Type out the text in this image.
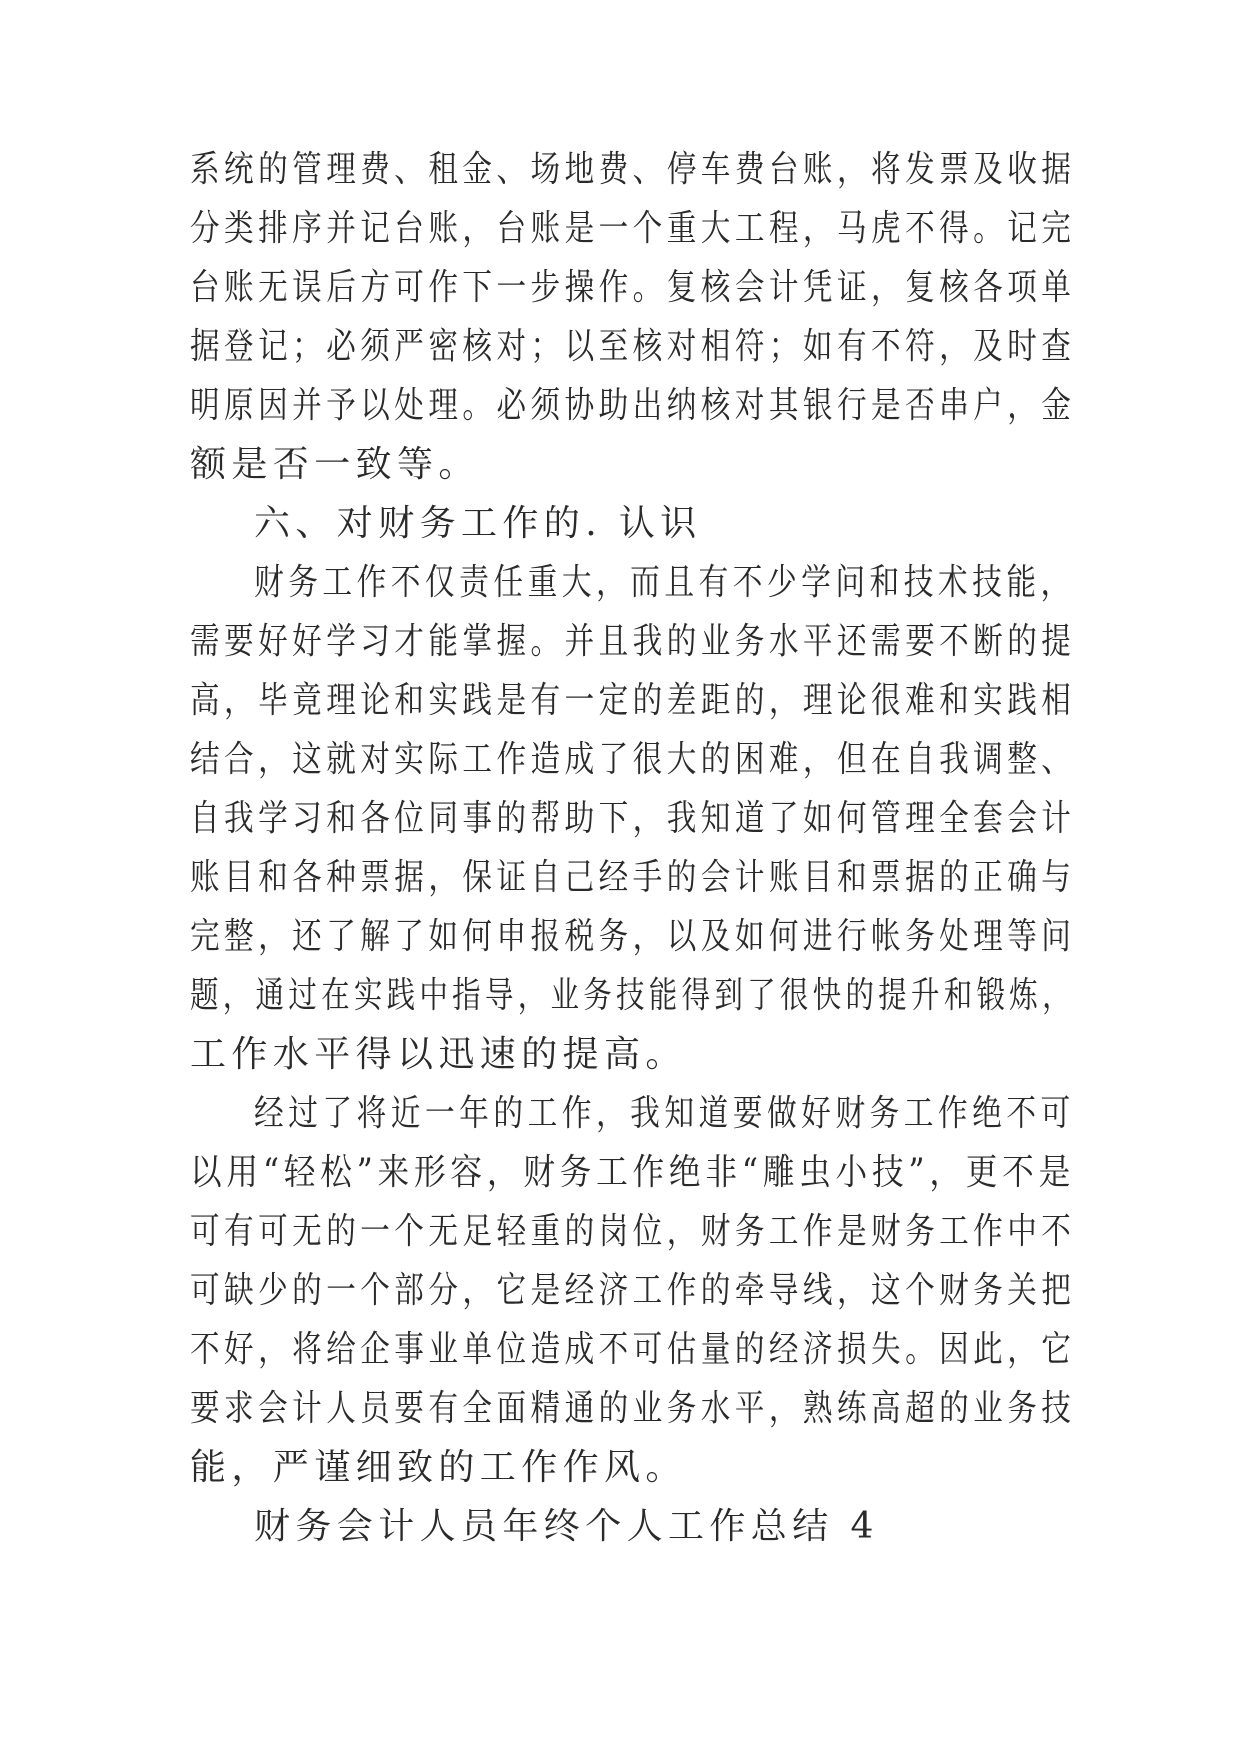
系统的管理费、租金、场地费、停车费台账，将发票及收据
分类排序并记台账，台账是一个重大工程，马虎不得。记完
台账无误后方可作下一步操作。复核会计凭证，复核各项单
据登记；必须严密核对；以至核对相符；如有不符，及时查
明原因并予以处理。必须协助出纳核对其银行是否串户，金
额是否一致等。
六、对财务工作的. 认识
财务工作不仅责任重大，而且有不少学问和技术技能，
需要好好学习才能掌握。并且我的业务水平还需要不断的提
高，毕竟理论和实践是有一定的差距的，理论很难和实践相
结合，这就对实际工作造成了很大的困难，但在自我调整、
自我学习和各位同事的帮助下，我知道了如何管理全套会计
账目和各种票据，保证自己经手的会计账目和票据的正确与
完整，还了解了如何申报税务，以及如何进行帐务处理等问
题，通过在实践中指导，业务技能得到了很快的提升和锻炼，
工作水平得以迅速的提高。
经过了将近一年的工作，我知道要做好财务工作绝不可
以用“轻松”来形容，财务工作绝非“雕虫小技”，更不是
可有可无的一个无足轻重的岗位，财务工作是财务工作中不
可缺少的一个部分，它是经济工作的牵导线，这个财务关把
不好，将给企事业单位造成不可估量的经济损失。因此，它
要求会计人员要有全面精通的业务水平，熟练高超的业务技
能，严谨细致的工作作风。
财务会计人员年终个人工作总结 4
